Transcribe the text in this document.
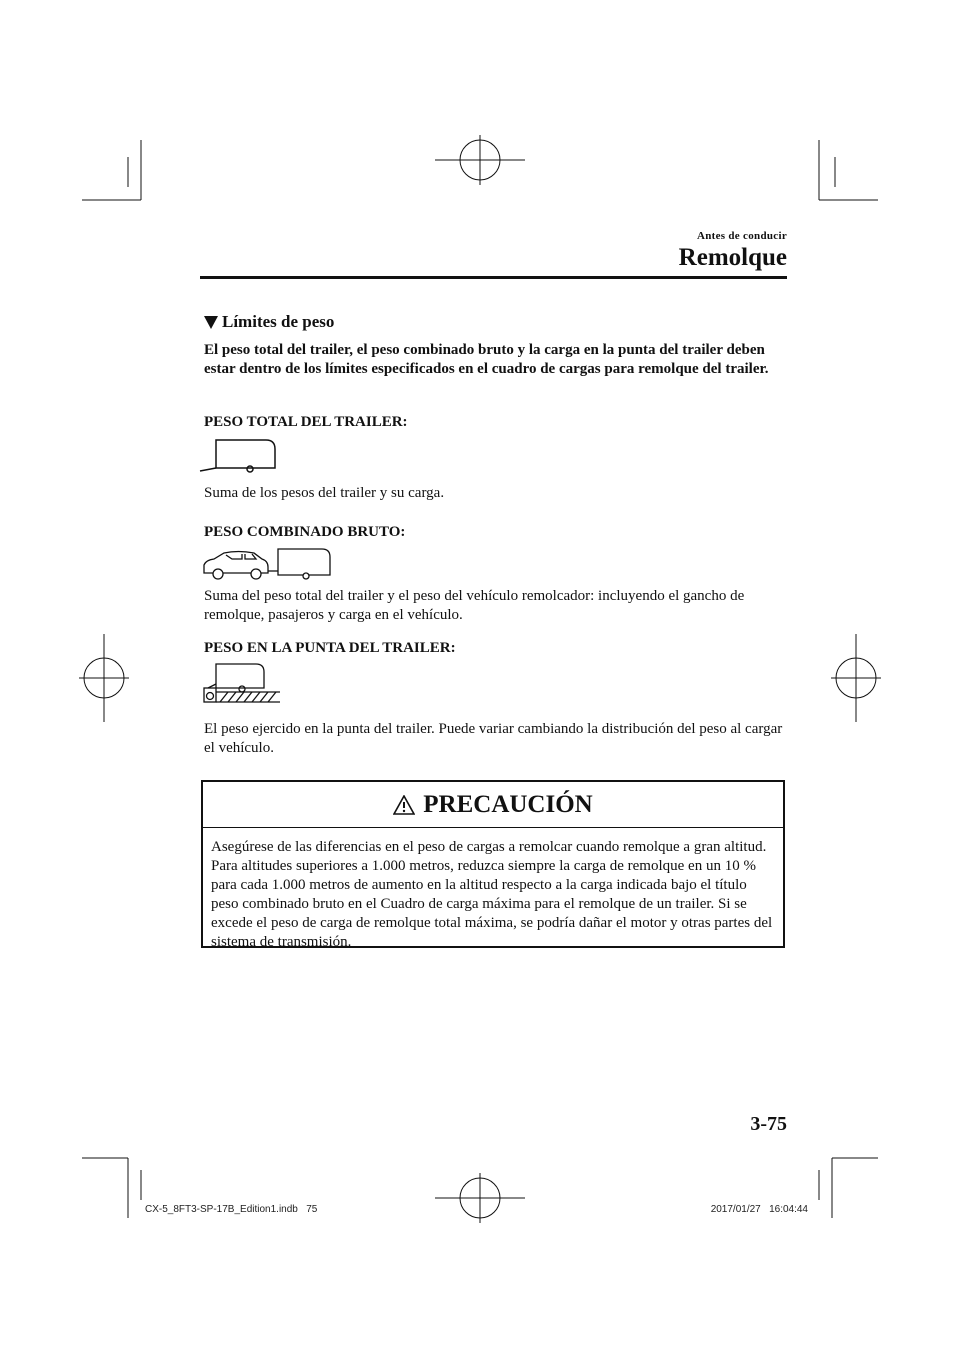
Antes de conducir
Remolque
Límites de peso
El peso total del trailer, el peso combinado bruto y la carga en la punta del trailer deben estar dentro de los límites especificados en el cuadro de cargas para remolque del trailer.
PESO TOTAL DEL TRAILER:
Suma de los pesos del trailer y su carga.
PESO COMBINADO BRUTO:
Suma del peso total del trailer y el peso del vehículo remolcador: incluyendo el gancho de remolque, pasajeros y carga en el vehículo.
PESO EN LA PUNTA DEL TRAILER:
El peso ejercido en la punta del trailer. Puede variar cambiando la distribución del peso al cargar el vehículo.
PRECAUCIÓN
Asegúrese de las diferencias en el peso de cargas a remolcar cuando remolque a gran altitud. Para altitudes superiores a 1.000 metros, reduzca siempre la carga de remolque en un 10 % para cada 1.000 metros de aumento en la altitud respecto a la carga indicada bajo el título peso combinado bruto en el Cuadro de carga máxima para el remolque de un trailer. Si se excede el peso de carga de remolque total máxima, se podría dañar el motor y otras partes del sistema de transmisión.
3-75
CX-5_8FT3-SP-17B_Edition1.indb   75	2017/01/27   16:04:44
